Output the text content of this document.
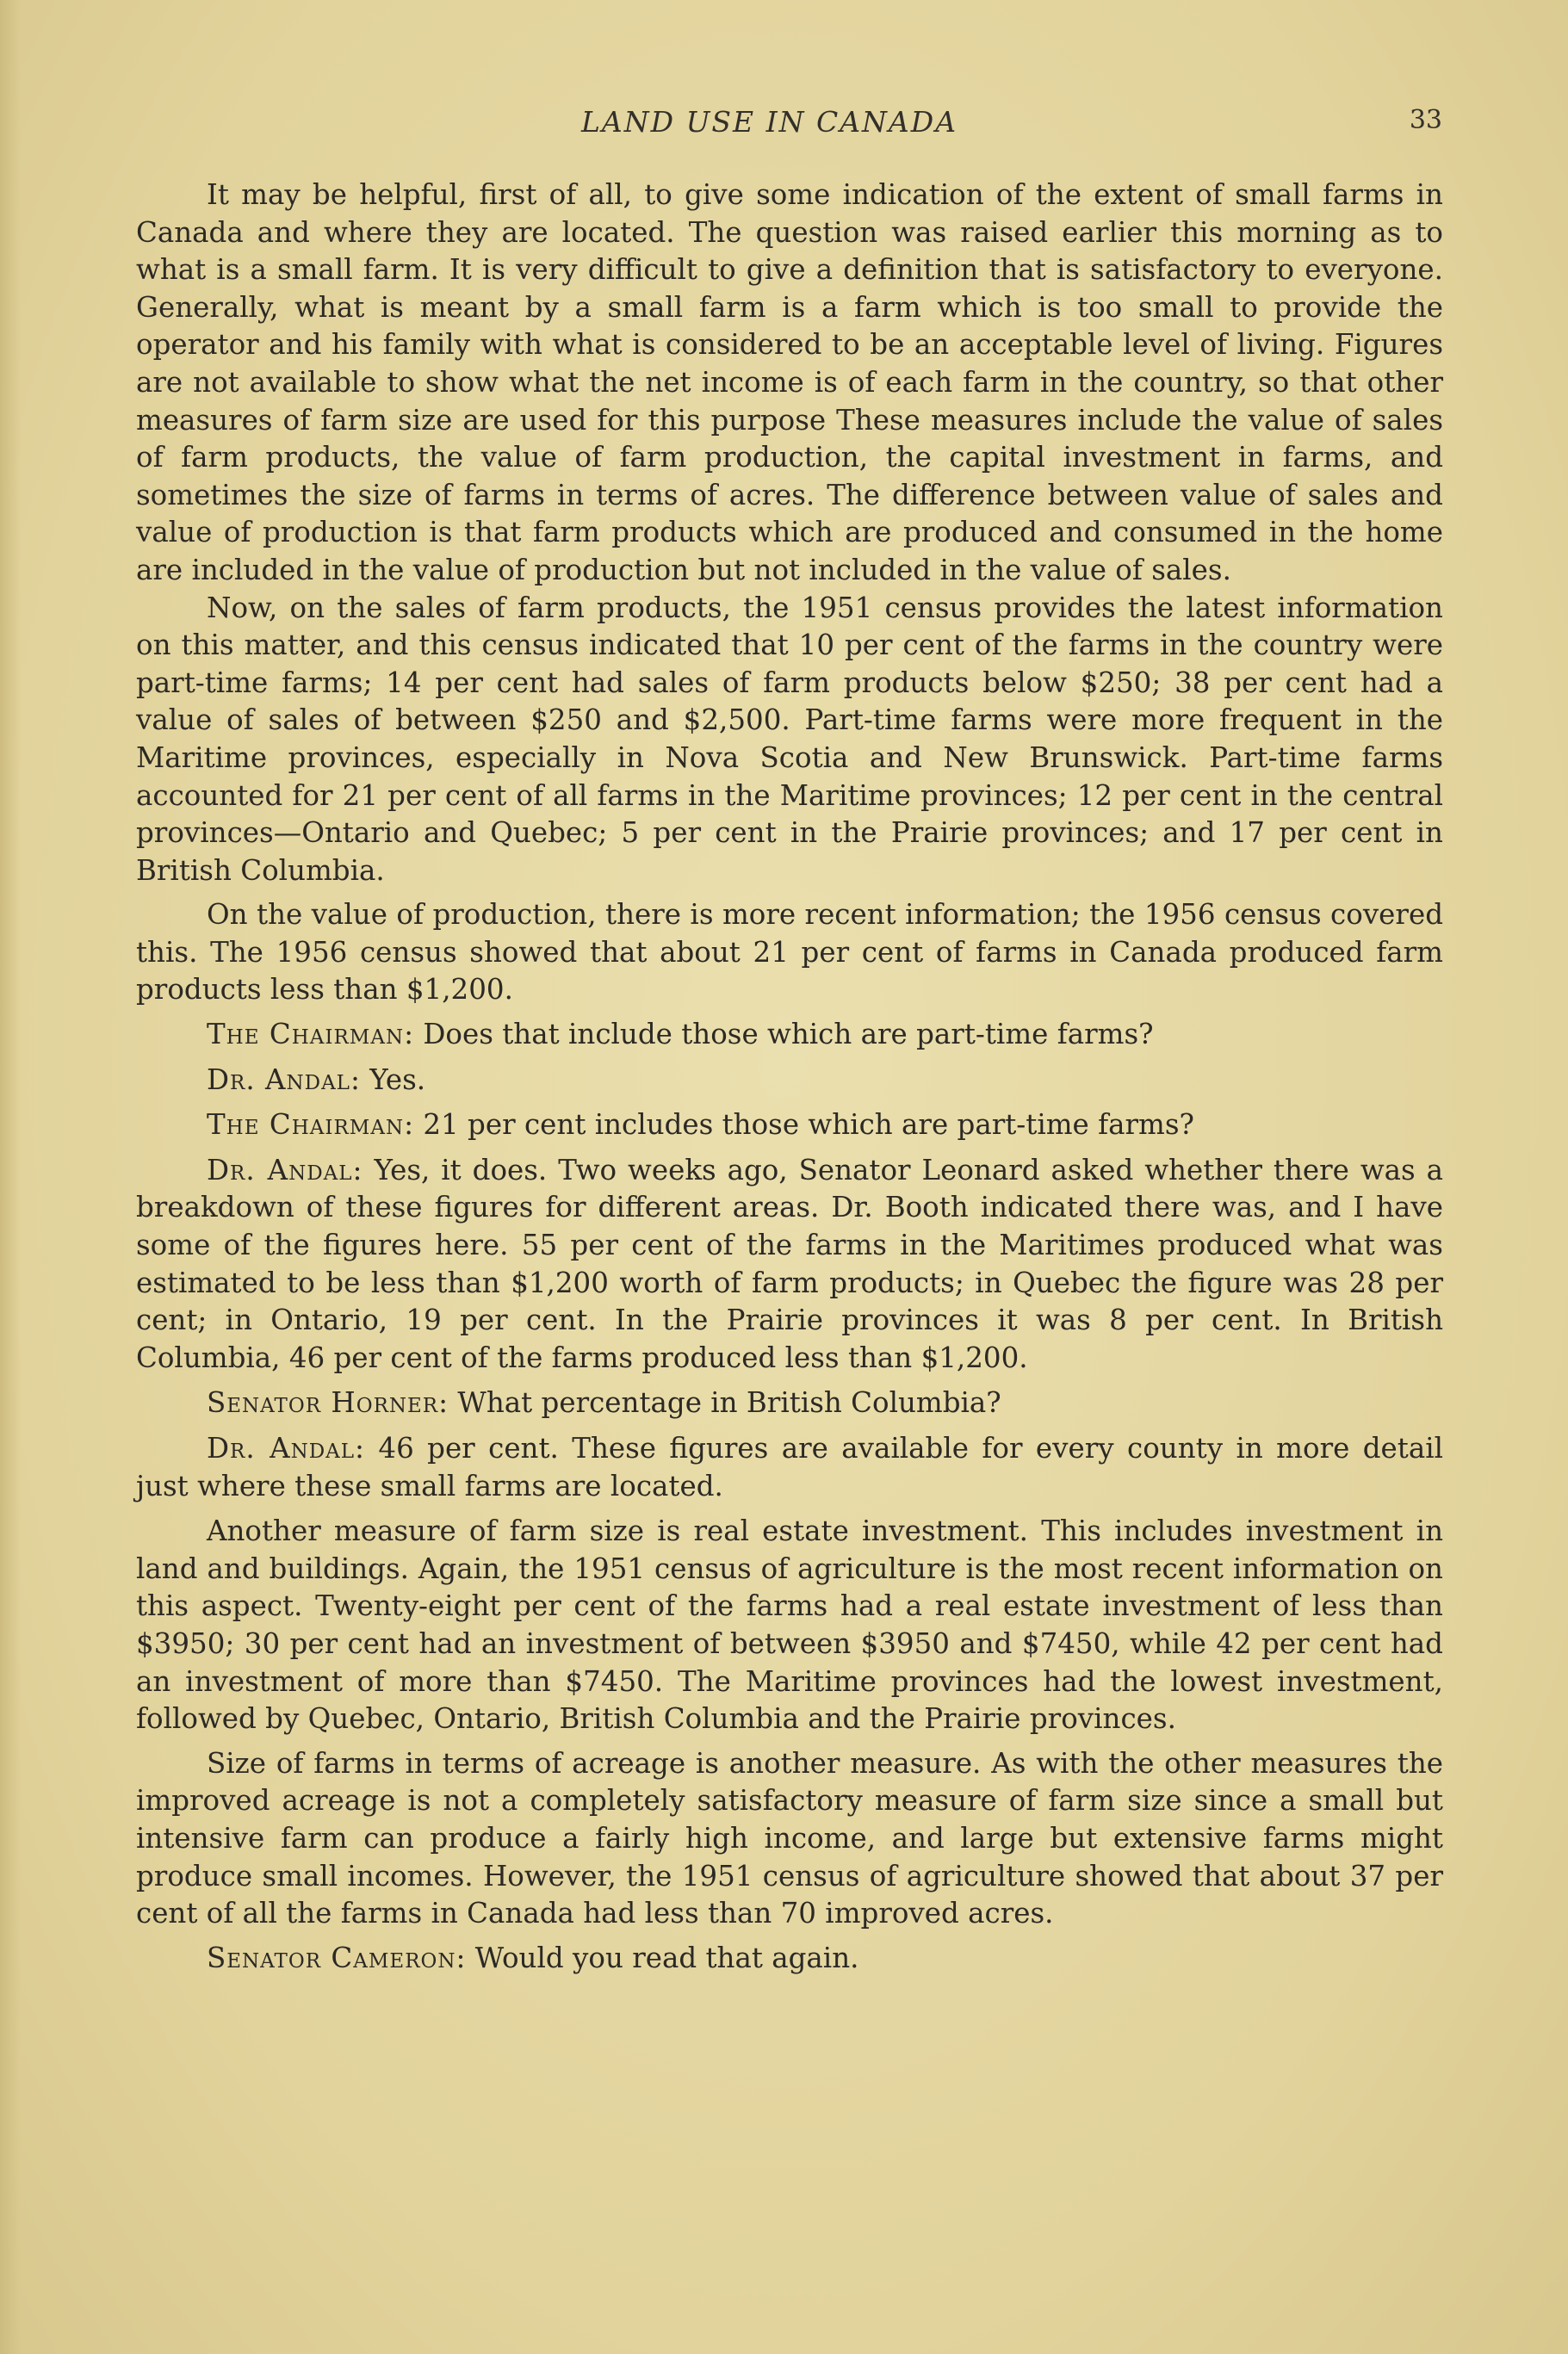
LAND USE IN CANADA	33

It may be helpful, first of all, to give some indication of the extent of small farms in Canada and where they are located. The question was raised earlier this morning as to what is a small farm. It is very difficult to give a definition that is satisfactory to everyone. Generally, what is meant by a small farm is a farm which is too small to provide the operator and his family with what is considered to be an acceptable level of living. Figures are not available to show what the net income is of each farm in the country, so that other measures of farm size are used for this purpose These measures include the value of sales of farm products, the value of farm production, the capital investment in farms, and sometimes the size of farms in terms of acres. The difference between value of sales and value of production is that farm products which are produced and consumed in the home are included in the value of production but not included in the value of sales.

Now, on the sales of farm products, the 1951 census provides the latest information on this matter, and this census indicated that 10 per cent of the farms in the country were part-time farms; 14 per cent had sales of farm products below $250; 38 per cent had a value of sales of between $250 and $2,500. Part-time farms were more frequent in the Maritime provinces, especially in Nova Scotia and New Brunswick. Part-time farms accounted for 21 per cent of all farms in the Maritime provinces; 12 per cent in the central provinces—Ontario and Quebec; 5 per cent in the Prairie provinces; and 17 per cent in British Columbia.

On the value of production, there is more recent information; the 1956 census covered this. The 1956 census showed that about 21 per cent of farms in Canada produced farm products less than $1,200.

The Chairman: Does that include those which are part-time farms?

Dr. Andal: Yes.

The Chairman: 21 per cent includes those which are part-time farms?

Dr. Andal: Yes, it does. Two weeks ago, Senator Leonard asked whether there was a breakdown of these figures for different areas. Dr. Booth indicated there was, and I have some of the figures here. 55 per cent of the farms in the Maritimes produced what was estimated to be less than $1,200 worth of farm products; in Quebec the figure was 28 per cent; in Ontario, 19 per cent. In the Prairie provinces it was 8 per cent. In British Columbia, 46 per cent of the farms produced less than $1,200.

Senator Horner: What percentage in British Columbia?

Dr. Andal: 46 per cent. These figures are available for every county in more detail just where these small farms are located.

Another measure of farm size is real estate investment. This includes investment in land and buildings. Again, the 1951 census of agriculture is the most recent information on this aspect. Twenty-eight per cent of the farms had a real estate investment of less than $3950; 30 per cent had an investment of between $3950 and $7450, while 42 per cent had an investment of more than $7450. The Maritime provinces had the lowest investment, followed by Quebec, Ontario, British Columbia and the Prairie provinces.

Size of farms in terms of acreage is another measure. As with the other measures the improved acreage is not a completely satisfactory measure of farm size since a small but intensive farm can produce a fairly high income, and large but extensive farms might produce small incomes. However, the 1951 census of agriculture showed that about 37 per cent of all the farms in Canada had less than 70 improved acres.

Senator Cameron: Would you read that again.
